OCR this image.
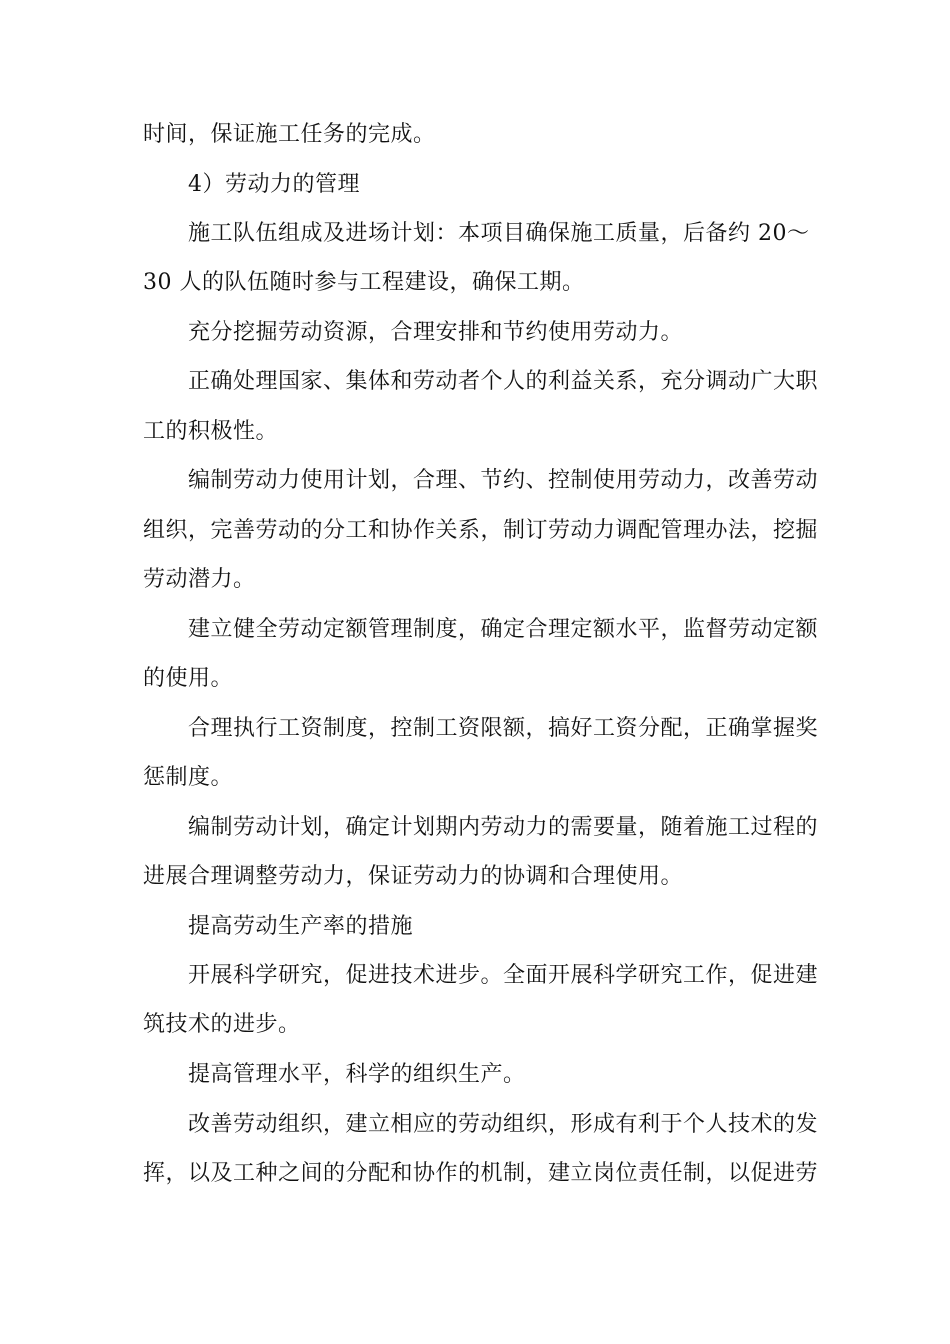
时间，保证施工任务的完成。
4）劳动力的管理
施工队伍组成及进场计划：本项目确保施工质量，后备约 20～
30 人的队伍随时参与工程建设，确保工期。
充分挖掘劳动资源，合理安排和节约使用劳动力。
正确处理国家、集体和劳动者个人的利益关系，充分调动广大职
工的积极性。
编制劳动力使用计划，合理、节约、控制使用劳动力，改善劳动
组织，完善劳动的分工和协作关系，制订劳动力调配管理办法，挖掘
劳动潜力。
建立健全劳动定额管理制度，确定合理定额水平，监督劳动定额
的使用。
合理执行工资制度，控制工资限额，搞好工资分配，正确掌握奖
惩制度。
编制劳动计划，确定计划期内劳动力的需要量，随着施工过程的
进展合理调整劳动力，保证劳动力的协调和合理使用。
提高劳动生产率的措施
开展科学研究，促进技术进步。全面开展科学研究工作，促进建
筑技术的进步。
提高管理水平，科学的组织生产。
改善劳动组织，建立相应的劳动组织，形成有利于个人技术的发
挥，以及工种之间的分配和协作的机制，建立岗位责任制，以促进劳
